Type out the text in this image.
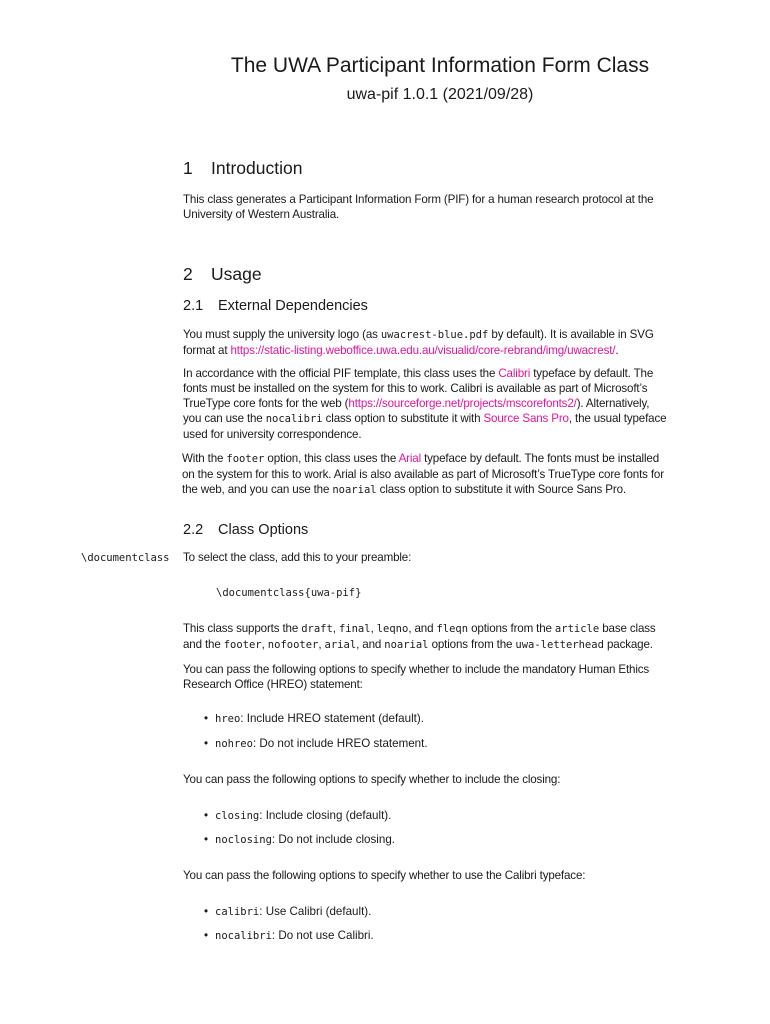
The UWA Participant Information Form Class
uwa-pif 1.0.1 (2021/09/28)
1 Introduction
This class generates a Participant Information Form (PIF) for a human research protocol at the
University of Western Australia.
2 Usage
2.1 External Dependencies
You must supply the university logo (as uwacrest-blue.pdf by default). It is available in SVG
format at https://static-listing.weboffice.uwa.edu.au/visualid/core-rebrand/img/uwacrest/.
In accordance with the official PIF template, this class uses the Calibri typeface by default. The
fonts must be installed on the system for this to work. Calibri is available as part of Microsoft’s
TrueType core fonts for the web (https://sourceforge.net/projects/mscorefonts2/). Alternatively,
you can use the nocalibri class option to substitute it with Source Sans Pro, the usual typeface
used for university correspondence.
With the footer option, this class uses the Arial typeface by default. The fonts must be installed
on the system for this to work. Arial is also available as part of Microsoft’s TrueType core fonts for
the web, and you can use the noarial class option to substitute it with Source Sans Pro.
2.2 Class Options
\documentclass To select the class, add this to your preamble:
\documentclass{uwa-pif}
This class supports the draft, final, leqno, and fleqn options from the article base class
and the footer, nofooter, arial, and noarial options from the uwa-letterhead package.
You can pass the following options to specify whether to include the mandatory Human Ethics
Research Office (HREO) statement:
• hreo: Include HREO statement (default).
• nohreo: Do not include HREO statement.
You can pass the following options to specify whether to include the closing:
• closing: Include closing (default).
• noclosing: Do not include closing.
You can pass the following options to specify whether to use the Calibri typeface:
• calibri: Use Calibri (default).
• nocalibri: Do not use Calibri.
